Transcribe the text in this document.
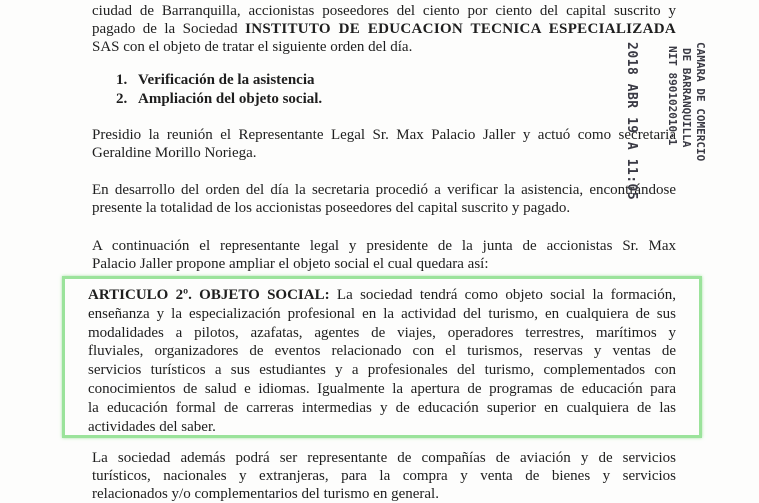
ciudad de Barranquilla, accionistas poseedores del ciento por ciento del capital suscrito y
pagado de la Sociedad INSTITUTO DE EDUCACION TECNICA ESPECIALIZADA
SAS con el objeto de tratar el siguiente orden del día.
1. Verificación de la asistencia
2. Ampliación del objeto social.
Presidio la reunión el Representante Legal Sr. Max Palacio Jaller y actuó como secretaria
Geraldine Morillo Noriega.
En desarrollo del orden del día la secretaria procedió a verificar la asistencia, encontrándose
presente la totalidad de los accionistas poseedores del capital suscrito y pagado.
A continuación el representante legal y presidente de la junta de accionistas Sr. Max
Palacio Jaller propone ampliar el objeto social el cual quedara así:
ARTICULO 2º. OBJETO SOCIAL: La sociedad tendrá como objeto social la formación,
enseñanza y la especialización profesional en la actividad del turismo, en cualquiera de sus
modalidades a pilotos, azafatas, agentes de viajes, operadores terrestres, marítimos y
fluviales, organizadores de eventos relacionado con el turismos, reservas y ventas de
servicios turísticos a sus estudiantes y a profesionales del turismo, complementados con
conocimientos de salud e idiomas. Igualmente la apertura de programas de educación para
la educación formal de carreras intermedias y de educación superior en cualquiera de las
actividades del saber.
La sociedad además podrá ser representante de compañías de aviación y de servicios
turísticos, nacionales y extranjeras, para la compra y venta de bienes y servicios
relacionados y/o complementarios del turismo en general.
2018 ABR 19 A 11:05 NIT 890102010-1 DE BARRANQUILLA CAMARA DE COMERCIO
